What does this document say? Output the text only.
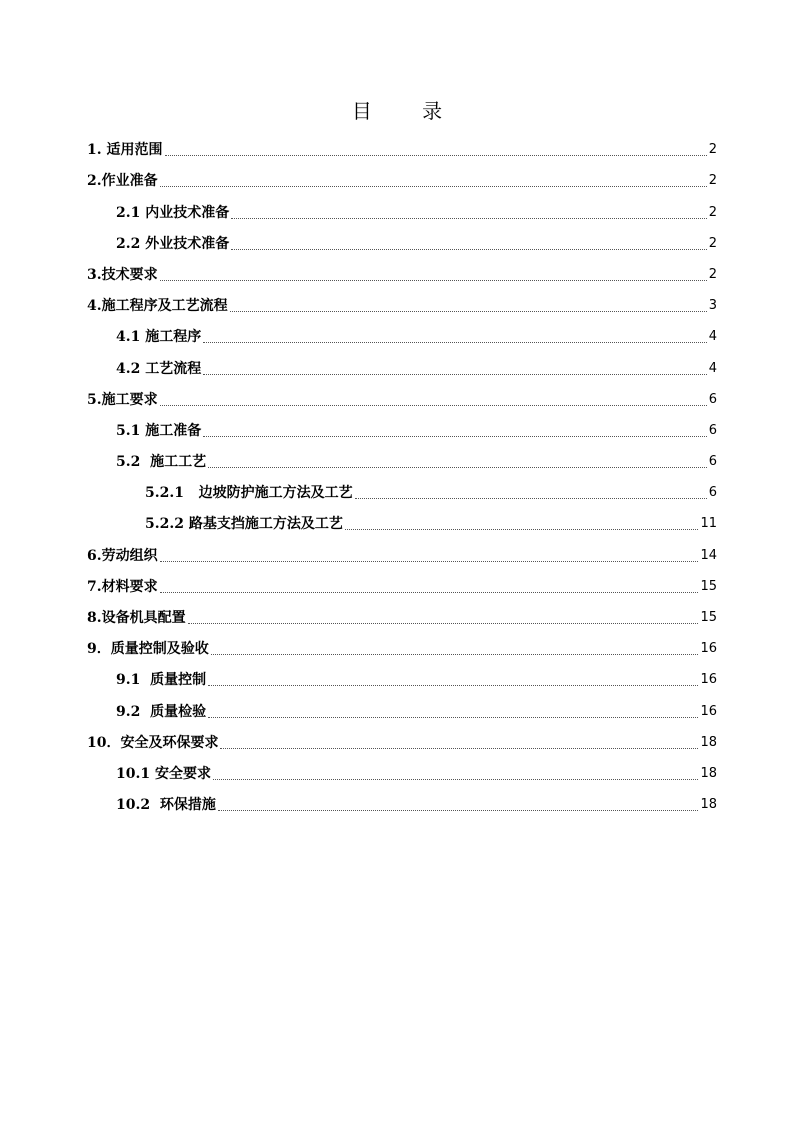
目 录
1. 适用范围	2
2.作业准备	2
2.1 内业技术准备	2
2.2 外业技术准备	2
3.技术要求	2
4.施工程序及工艺流程	3
4.1 施工程序	4
4.2 工艺流程	4
5.施工要求	6
5.1 施工准备	6
5.2  施工工艺	6
5.2.1   边坡防护施工方法及工艺	6
5.2.2 路基支挡施工方法及工艺	11
6.劳动组织	14
7.材料要求	15
8.设备机具配置	15
9．质量控制及验收	16
9.1  质量控制	16
9.2  质量检验	16
10．安全及环保要求	18
10.1 安全要求	18
10.2  环保措施	18
